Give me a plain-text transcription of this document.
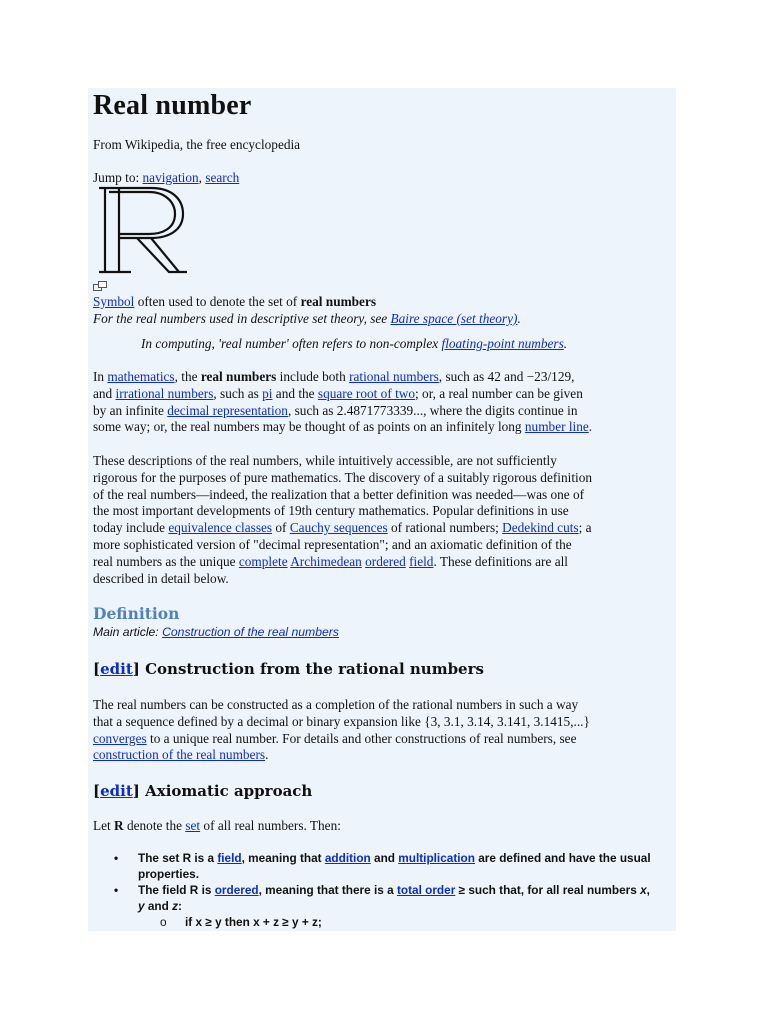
Real number
From Wikipedia, the free encyclopedia
Jump to: navigation, search
Symbol often used to denote the set of real numbers
For the real numbers used in descriptive set theory, see Baire space (set theory).
In computing, 'real number' often refers to non-complex floating-point numbers.
In mathematics, the real numbers include both rational numbers, such as 42 and −23/129,
and irrational numbers, such as pi and the square root of two; or, a real number can be given
by an infinite decimal representation, such as 2.4871773339..., where the digits continue in
some way; or, the real numbers may be thought of as points on an infinitely long number line.
These descriptions of the real numbers, while intuitively accessible, are not sufficiently
rigorous for the purposes of pure mathematics. The discovery of a suitably rigorous definition
of the real numbers—indeed, the realization that a better definition was needed—was one of
the most important developments of 19th century mathematics. Popular definitions in use
today include equivalence classes of Cauchy sequences of rational numbers; Dedekind cuts; a
more sophisticated version of "decimal representation"; and an axiomatic definition of the
real numbers as the unique complete Archimedean ordered field. These definitions are all
described in detail below.
Definition
Main article: Construction of the real numbers
[edit] Construction from the rational numbers
The real numbers can be constructed as a completion of the rational numbers in such a way
that a sequence defined by a decimal or binary expansion like {3, 3.1, 3.14, 3.141, 3.1415,...}
converges to a unique real number. For details and other constructions of real numbers, see
construction of the real numbers.
[edit] Axiomatic approach
Let R denote the set of all real numbers. Then:
• The set R is a field, meaning that addition and multiplication are defined and have the usual
properties.
• The field R is ordered, meaning that there is a total order ≥ such that, for all real numbers x,
y and z:
o if x ≥ y then x + z ≥ y + z;
